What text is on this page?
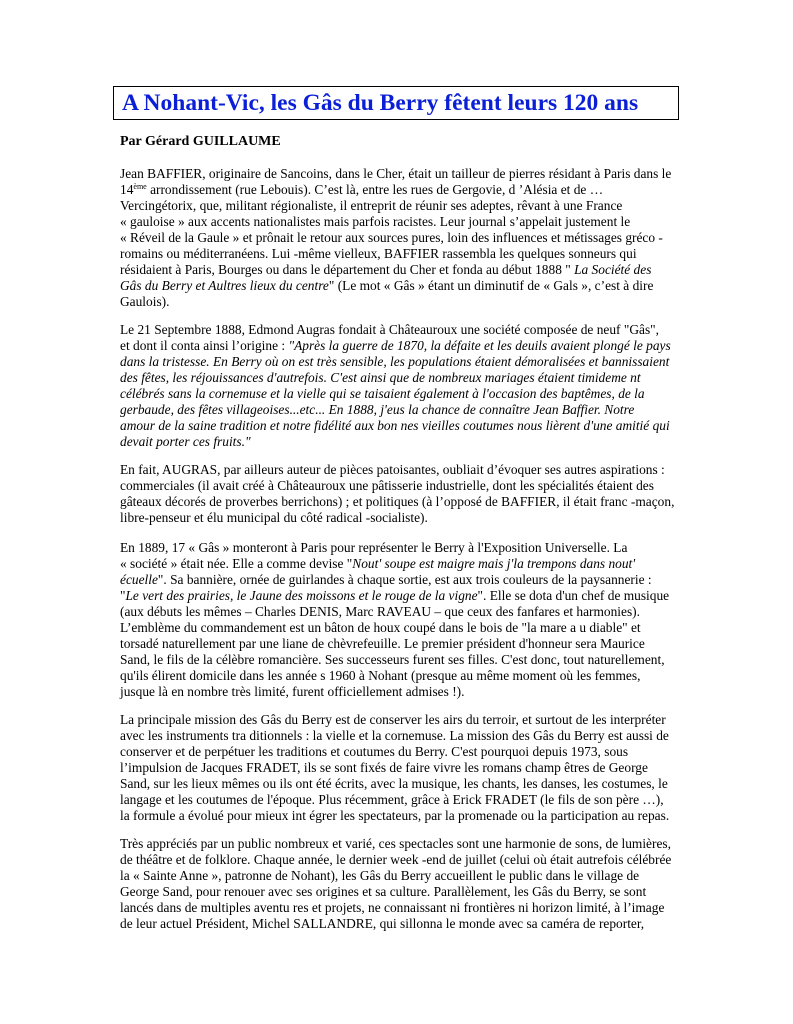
A Nohant-Vic, les Gâs du Berry fêtent leurs 120 ans

Par Gérard GUILLAUME

Jean BAFFIER, originaire de Sancoins, dans le Cher, était un tailleur de pierres résidant à Paris dans le
14ème arrondissement (rue Lebouis). C’est là, entre les rues de Gergovie, d ’Alésia et de …
Vercingétorix, que, militant régionaliste, il entreprit de réunir ses adeptes, rêvant à une France
« gauloise » aux accents nationalistes mais parfois racistes. Leur journal s’appelait justement le
« Réveil de la Gaule » et prônait le retour aux sources pures, loin des influences et métissages gréco -
romains ou méditerranéens. Lui -même vielleux, BAFFIER rassembla les quelques sonneurs qui
résidaient à Paris, Bourges ou dans le département du Cher et fonda au début 1888 " La Société des
Gâs du Berry et Aultres lieux du centre" (Le mot « Gâs » étant un diminutif de « Gals », c’est à dire
Gaulois).

Le 21 Septembre 1888, Edmond Augras fondait à Châteauroux une société composée de neuf "Gâs",
et dont il conta ainsi l’origine : "Après la guerre de 1870, la défaite et les deuils avaient plongé le pays
dans la tristesse. En Berry où on est très sensible, les populations étaient démoralisées et bannissaient
des fêtes, les réjouissances d'autrefois. C'est ainsi que de nombreux mariages étaient timideme nt
célébrés sans la cornemuse et la vielle qui se taisaient également à l'occasion des baptêmes, de la
gerbaude, des fêtes villageoises...etc... En 1888, j'eus la chance de connaître Jean Baffier. Notre
amour de la saine tradition et notre fidélité aux bon nes vieilles coutumes nous lièrent d'une amitié qui
devait porter ces fruits."

En fait, AUGRAS, par ailleurs auteur de pièces patoisantes, oubliait d’évoquer ses autres aspirations :
commerciales (il avait créé à Châteauroux une pâtisserie industrielle, dont les spécialités étaient des
gâteaux décorés de proverbes berrichons) ; et politiques (à l’opposé de BAFFIER, il était franc -maçon,
libre-penseur et élu municipal du côté radical -socialiste).

En 1889, 17 « Gâs » monteront à Paris pour représenter le Berry à l'Exposition Universelle. La
« société » était née. Elle a comme devise "Nout' soupe est maigre mais j'la trempons dans nout'
écuelle". Sa bannière, ornée de guirlandes à chaque sortie, est aux trois couleurs de la paysannerie :
"Le vert des prairies, le Jaune des moissons et le rouge de la vigne". Elle se dota d'un chef de musique
(aux débuts les mêmes – Charles DENIS, Marc RAVEAU – que ceux des fanfares et harmonies).
L’emblème du commandement est un bâton de houx coupé dans le bois de "la mare a u diable" et
torsadé naturellement par une liane de chèvrefeuille. Le premier président d'honneur sera Maurice
Sand, le fils de la célèbre romancière. Ses successeurs furent ses filles. C'est donc, tout naturellement,
qu'ils élirent domicile dans les année s 1960 à Nohant (presque au même moment où les femmes,
jusque là en nombre très limité, furent officiellement admises !).

La principale mission des Gâs du Berry est de conserver les airs du terroir, et surtout de les interpréter
avec les instruments tra ditionnels : la vielle et la cornemuse. La mission des Gâs du Berry est aussi de
conserver et de perpétuer les traditions et coutumes du Berry. C'est pourquoi depuis 1973, sous
l’impulsion de Jacques FRADET, ils se sont fixés de faire vivre les romans champ êtres de George
Sand, sur les lieux mêmes ou ils ont été écrits, avec la musique, les chants, les danses, les costumes, le
langage et les coutumes de l'époque. Plus récemment, grâce à Erick FRADET (le fils de son père …),
la formule a évolué pour mieux int égrer les spectateurs, par la promenade ou la participation au repas.

Très appréciés par un public nombreux et varié, ces spectacles sont une harmonie de sons, de lumières,
de théâtre et de folklore. Chaque année, le dernier week -end de juillet (celui où était autrefois célébrée
la « Sainte Anne », patronne de Nohant), les Gâs du Berry accueillent le public dans le village de
George Sand, pour renouer avec ses origines et sa culture. Parallèlement, les Gâs du Berry, se sont
lancés dans de multiples aventu res et projets, ne connaissant ni frontières ni horizon limité, à l’image
de leur actuel Président, Michel SALLANDRE, qui sillonna le monde avec sa caméra de reporter,
